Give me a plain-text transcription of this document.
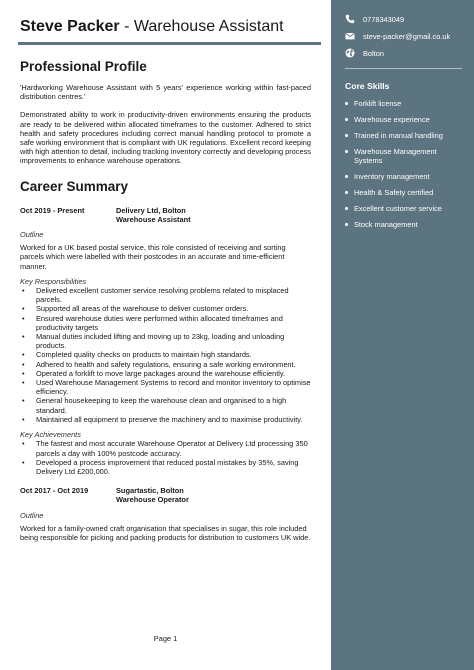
Steve Packer - Warehouse Assistant
Professional Profile

'Hardworking Warehouse Assistant with 5 years' experience working within fast-paced distribution centres.'

Demonstrated ability to work in productivity-driven environments ensuring the products are ready to be delivered within allocated timeframes to the customer. Adhered to strict health and safety procedures including correct manual handling protocol to promote a safe working environment that is compliant with UK regulations. Excellent record keeping with high attention to detail, including tracking inventory correctly and developing process improvements to enhance warehouse operations.

Career Summary
Oct 2019 - Present	Delivery Ltd, Bolton
Warehouse Assistant
Outline

Worked for a UK based postal service, this role consisted of receiving and sorting parcels which were labelled with their postcodes in an accurate and time-efficient manner.

Key Responsibilities
• Delivered excellent customer service resolving problems related to misplaced parcels.
• Supported all areas of the warehouse to deliver customer orders.
• Ensured warehouse duties were performed within allocated timeframes and productivity targets
• Manual duties included lifting and moving up to 23kg, loading and unloading products.
• Completed quality checks on products to maintain high standards.
• Adhered to health and safety regulations, ensuring a safe working environment.
• Operated a forklift to move large packages around the warehouse efficiently.
• Used Warehouse Management Systems to record and monitor inventory to optimise efficiency.
• General housekeeping to keep the warehouse clean and organised to a high standard.
• Maintained all equipment to preserve the machinery and to maximise productivity.
Key Achievements
• The fastest and most accurate Warehouse Operator at Delivery Ltd processing 350 parcels a day with 100% postcode accuracy.
• Developed a process improvement that reduced postal mistakes by 35%, saving Delivery Ltd £200,000.
Oct 2017 - Oct 2019	Sugartastic, Bolton
Warehouse Operator
Outline

Worked for a family-owned craft organisation that specialises in sugar, this role included being responsible for picking and packing products for distribution to customers UK wide.

Page 1
0778343049
steve-packer@gmail.co.uk
Bolton
Core Skills
Forklift license
Warehouse experience
Trained in manual handling
Warehouse Management Systems
Inventory management
Health & Safety certified
Excellent customer service
Stock management
